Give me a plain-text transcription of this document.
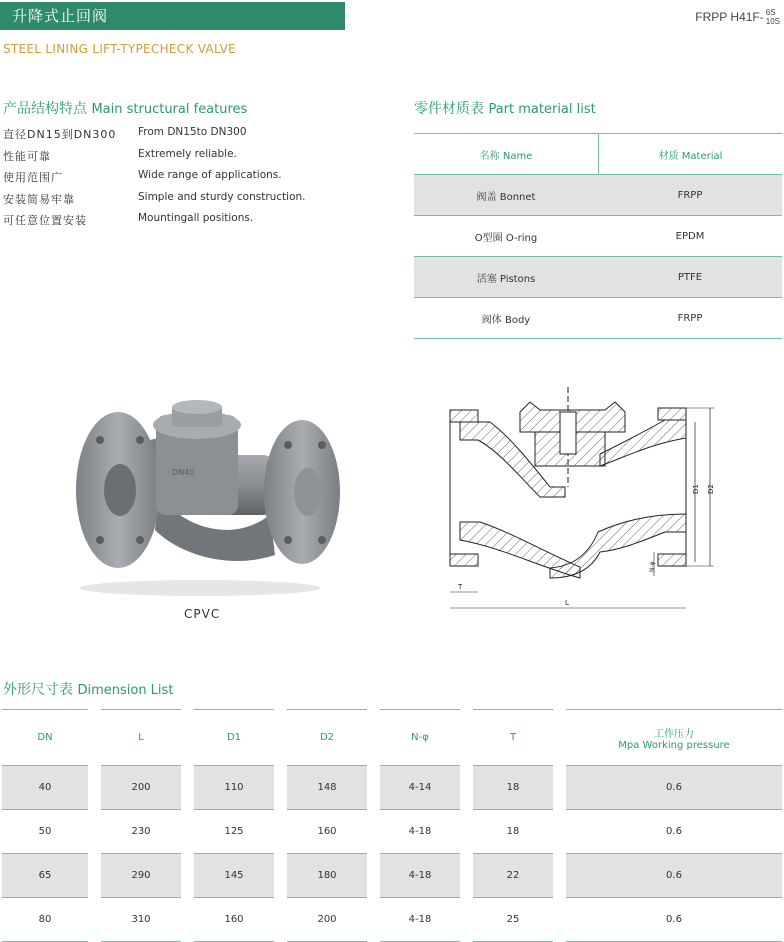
升降式止回阀	FRPP H41F- 6S
10S
STEEL LINING LIFT-TYPECHECK VALVE
产品结构特点 Main structural features
直径DN15到DN300	From DN15to DN300
性能可靠	Extremely reliable.
使用范围广	Wide range of applications.
安装简易牢靠	Simple and sturdy construction.
可任意位置安装	Mountingall positions.
零件材质表 Part material list
名称 Name	材质 Material
阀盖 Bonnet	FRPP
O型圈 O-ring	EPDM
活塞 Pistons	PTFE
阀体 Body	FRPP
DN40
CPVC
D1 D2
N-φ
T
L
外形尺寸表 Dimension List
DN		L		D1		D2		N-φ		T		工作压力
Mpa Working pressure

40		200		110		148		4-14		18		0.6
50		230		125		160		4-18		18		0.6
65		290		145		180		4-18		22		0.6
80		310		160		200		4-18		25		0.6
